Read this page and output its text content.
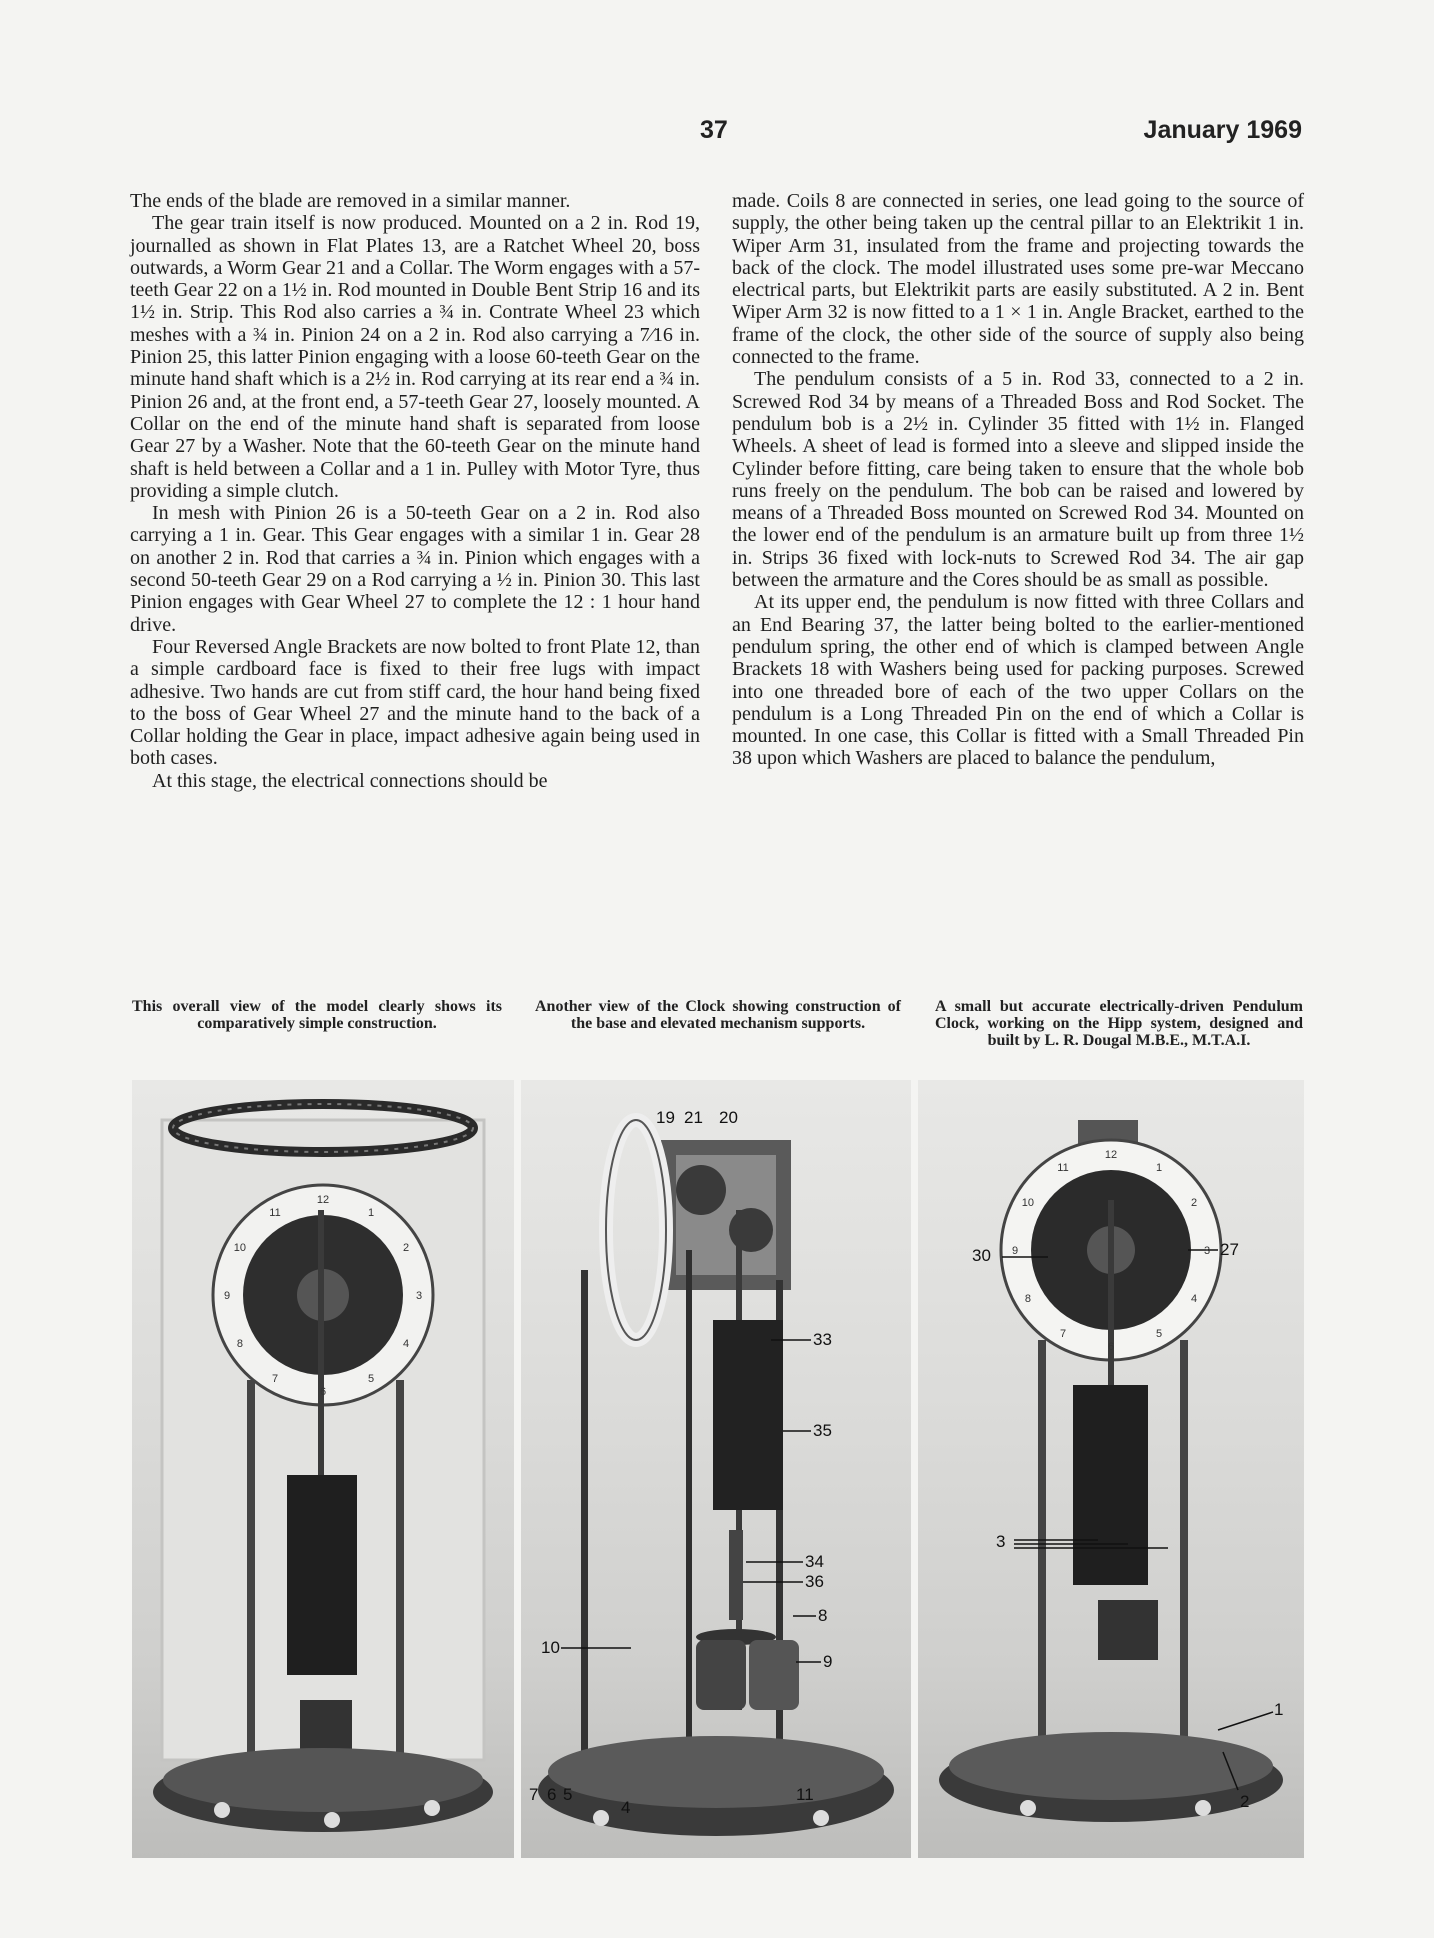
37	January 1969

The ends of the blade are removed in a similar manner.

The gear train itself is now produced. Mounted on a 2 in. Rod 19, journalled as shown in Flat Plates 13, are a Ratchet Wheel 20, boss outwards, a Worm Gear 21 and a Collar. The Worm engages with a 57-teeth Gear 22 on a 1½ in. Rod mounted in Double Bent Strip 16 and its 1½ in. Strip. This Rod also carries a ¾ in. Contrate Wheel 23 which meshes with a ¾ in. Pinion 24 on a 2 in. Rod also carrying a 7⁄16 in. Pinion 25, this latter Pinion engaging with a loose 60-teeth Gear on the minute hand shaft which is a 2½ in. Rod carrying at its rear end a ¾ in. Pinion 26 and, at the front end, a 57-teeth Gear 27, loosely mounted. A Collar on the end of the minute hand shaft is separated from loose Gear 27 by a Washer. Note that the 60-teeth Gear on the minute hand shaft is held between a Collar and a 1 in. Pulley with Motor Tyre, thus providing a simple clutch.

In mesh with Pinion 26 is a 50-teeth Gear on a 2 in. Rod also carrying a 1 in. Gear. This Gear engages with a similar 1 in. Gear 28 on another 2 in. Rod that carries a ¾ in. Pinion which engages with a second 50-teeth Gear 29 on a Rod carrying a ½ in. Pinion 30. This last Pinion engages with Gear Wheel 27 to complete the 12 : 1 hour hand drive.

Four Reversed Angle Brackets are now bolted to front Plate 12, than a simple cardboard face is fixed to their free lugs with impact adhesive. Two hands are cut from stiff card, the hour hand being fixed to the boss of Gear Wheel 27 and the minute hand to the back of a Collar holding the Gear in place, impact adhesive again being used in both cases.

At this stage, the electrical connections should be

made. Coils 8 are connected in series, one lead going to the source of supply, the other being taken up the central pillar to an Elektrikit 1 in. Wiper Arm 31, insulated from the frame and projecting towards the back of the clock. The model illustrated uses some pre-war Meccano electrical parts, but Elektrikit parts are easily substituted. A 2 in. Bent Wiper Arm 32 is now fitted to a 1 × 1 in. Angle Bracket, earthed to the frame of the clock, the other side of the source of supply also being connected to the frame.

The pendulum consists of a 5 in. Rod 33, connected to a 2 in. Screwed Rod 34 by means of a Threaded Boss and Rod Socket. The pendulum bob is a 2½ in. Cylinder 35 fitted with 1½ in. Flanged Wheels. A sheet of lead is formed into a sleeve and slipped inside the Cylinder before fitting, care being taken to ensure that the whole bob runs freely on the pendulum. The bob can be raised and lowered by means of a Threaded Boss mounted on Screwed Rod 34. Mounted on the lower end of the pendulum is an armature built up from three 1½ in. Strips 36 fixed with lock-nuts to Screwed Rod 34. The air gap between the armature and the Cores should be as small as possible.

At its upper end, the pendulum is now fitted with three Collars and an End Bearing 37, the latter being bolted to the earlier-mentioned pendulum spring, the other end of which is clamped between Angle Brackets 18 with Washers being used for packing purposes. Screwed into one threaded bore of each of the two upper Collars on the pendulum is a Long Threaded Pin on the end of which a Collar is mounted. In one case, this Collar is fitted with a Small Threaded Pin 38 upon which Washers are placed to balance the pendulum,

This overall view of the model clearly shows its comparatively simple construction.
Another view of the Clock showing construction of the base and elevated mechanism supports.
A small but accurate electrically-driven Pendulum Clock, working on the Hipp system, designed and built by L. R. Dougal M.B.E., M.T.A.I.
12
1
2
3
4
5
6
7
8
9
10
11
19 21 20
33
35
34
36
8
10
9
7 6 5
4
11
12
1
2
3
4
5
6
7
8
9
10
11
30	27
3
1
2
